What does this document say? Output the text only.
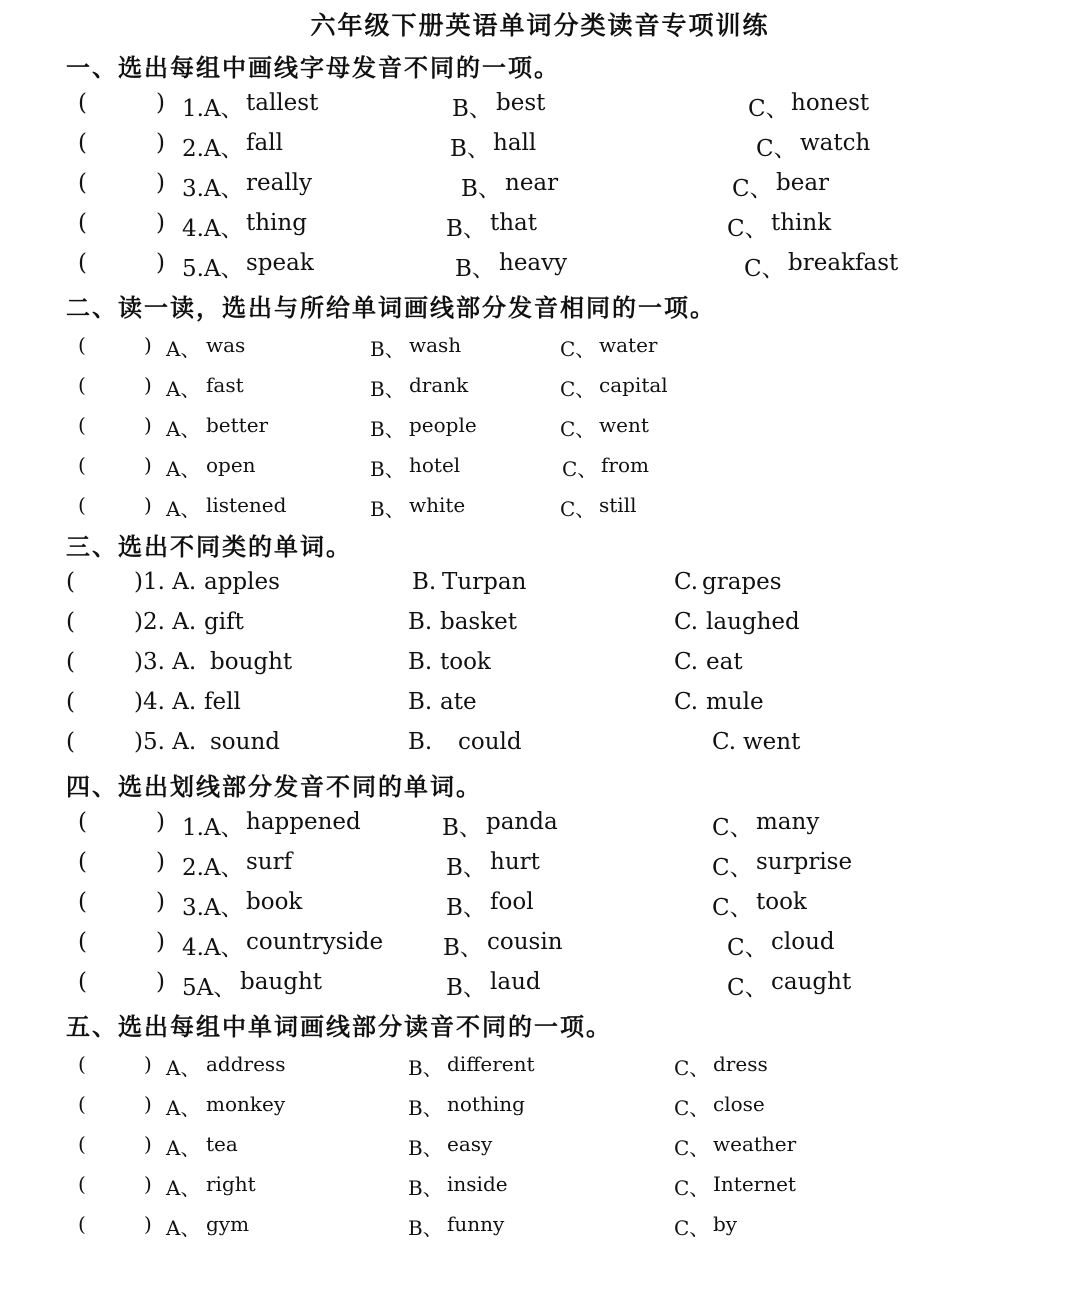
六年级下册英语单词分类读音专项训练
一、选出每组中画线字母发音不同的一项。
(	) 1.A、 tallest	B、 best	C、 honest
(	) 2.A、 fall	B、 hall	C、 watch
(	) 3.A、 really	B、 near	C、 bear
(	) 4.A、 thing	B、 that	C、 think
(	) 5.A、 speak	B、 heavy	C、 breakfast
二、读一读，选出与所给单词画线部分发音相同的一项。
(	) A、 was	B、 wash	C、 water
(	) A、 fast	B、 drank	C、 capital
(	) A、 better	B、 people	C、 went
(	) A、 open	B、 hotel	C、 from
(	) A、 listened	B、 white	C、 still
三、选出不同类的单词。
(	)1. A. apples	B. Turpan	C. grapes
(	)2. A. gift	B. basket	C. laughed
(	)3. A. bought	B. took	C. eat
(	)4. A. fell	B. ate	C. mule
(	)5. A. sound	B. could	C. went
四、选出划线部分发音不同的单词。
(	) 1.A、 happened	B、 panda	C、 many
(	) 2.A、 surf	B、 hurt	C、 surprise
(	) 3.A、 book	B、 fool	C、 took
(	) 4.A、 countryside	B、 cousin	C、 cloud
(	) 5A、 baught	B、 laud	C、 caught
五、选出每组中单词画线部分读音不同的一项。
(	) A、 address	B、 different	C、 dress
(	) A、 monkey	B、 nothing	C、 close
(	) A、 tea	B、 easy	C、 weather
(	) A、 right	B、 inside	C、 Internet
(	) A、 gym	B、 funny	C、 by
